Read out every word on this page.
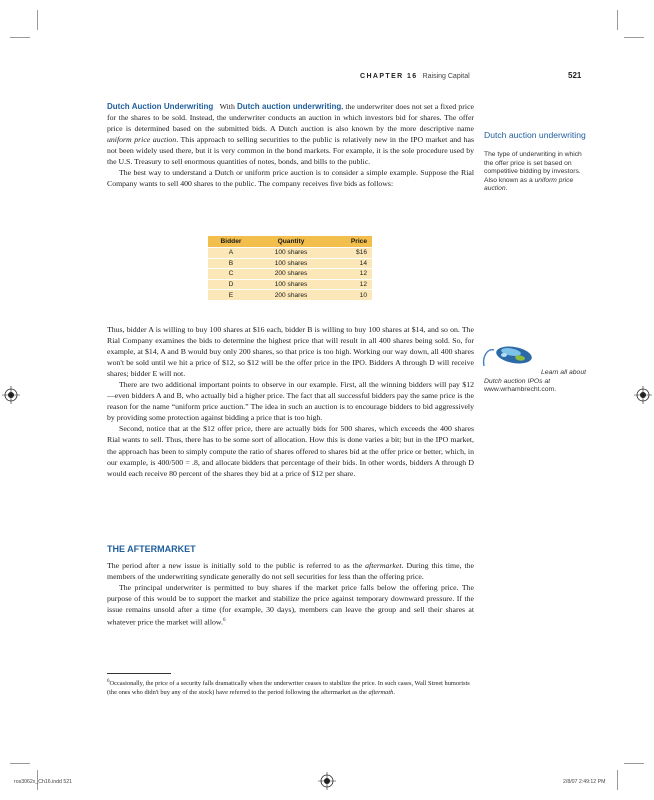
CHAPTER 16 Raising Capital	521

Dutch Auction Underwriting With Dutch auction underwriting, the underwriter does not set a fixed price for the shares to be sold. Instead, the underwriter conducts an auction in which investors bid for shares. The offer price is determined based on the submitted bids. A Dutch auction is also known by the more descriptive name uniform price auction. This approach to selling securities to the public is relatively new in the IPO market and has not been widely used there, but it is very common in the bond markets. For example, it is the sole procedure used by the U.S. Treasury to sell enormous quantities of notes, bonds, and bills to the public.

The best way to understand a Dutch or uniform price auction is to consider a simple example. Suppose the Rial Company wants to sell 400 shares to the public. The company receives five bids as follows:

Bidder	Quantity	Price
A	100 shares	$16
B	100 shares	14
C	200 shares	12
D	100 shares	12
E	200 shares	10

Thus, bidder A is willing to buy 100 shares at $16 each, bidder B is willing to buy 100 shares at $14, and so on. The Rial Company examines the bids to determine the highest price that will result in all 400 shares being sold. So, for example, at $14, A and B would buy only 200 shares, so that price is too high. Working our way down, all 400 shares won't be sold until we hit a price of $12, so $12 will be the offer price in the IPO. Bidders A through D will receive shares; bidder E will not.

There are two additional important points to observe in our example. First, all the winning bidders will pay $12—even bidders A and B, who actually bid a higher price. The fact that all successful bidders pay the same price is the reason for the name “uniform price auction.” The idea in such an auction is to encourage bidders to bid aggressively by providing some protection against bidding a price that is too high.

Second, notice that at the $12 offer price, there are actually bids for 500 shares, which exceeds the 400 shares Rial wants to sell. Thus, there has to be some sort of allocation. How this is done varies a bit; but in the IPO market, the approach has been to simply compute the ratio of shares offered to shares bid at the offer price or better, which, in our example, is 400/500 = .8, and allocate bidders that percentage of their bids. In other words, bidders A through D would each receive 80 percent of the shares they bid at a price of $12 per share.

THE AFTERMARKET

The period after a new issue is initially sold to the public is referred to as the aftermarket. During this time, the members of the underwriting syndicate generally do not sell securities for less than the offering price.

The principal underwriter is permitted to buy shares if the market price falls below the offering price. The purpose of this would be to support the market and stabilize the price against temporary downward pressure. If the issue remains unsold after a time (for example, 30 days), members can leave the group and sell their shares at whatever price the market will allow.$^6$

$^6$Occasionally, the price of a security falls dramatically when the underwriter ceases to stabilize the price. In such cases, Wall Street humorists (the ones who didn't buy any of the stock) have referred to the period following the aftermarket as the aftermath.
Dutch auction underwriting
The type of underwriting in which the offer price is set based on competitive bidding by investors. Also known as a uniform price auction.
Learn all about
Dutch auction IPOs at
www.wrhambrecht.com.
ros3062x_Ch16.indd 521	2/8/07 2:49:12 PM
